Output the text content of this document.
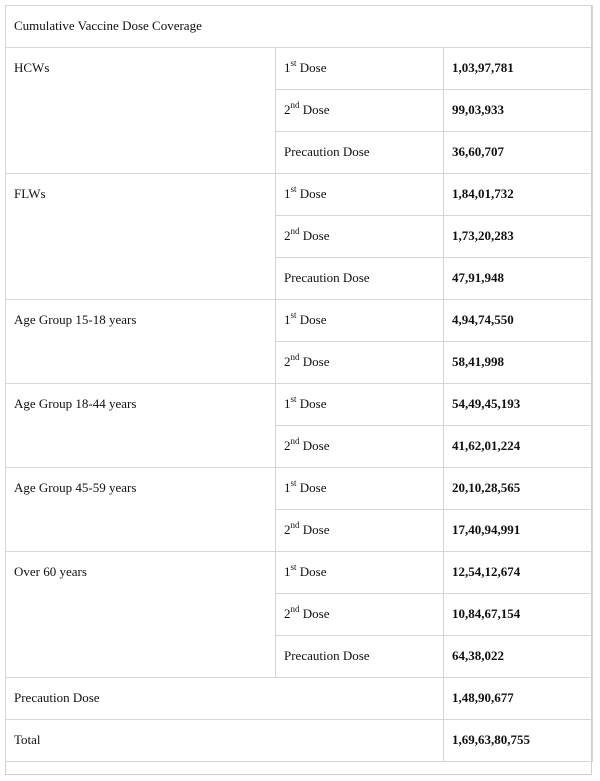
Cumulative Vaccine Dose Coverage		

HCWs	1st Dose	1,03,97,781

	2nd Dose	99,03,933

	Precaution Dose	36,60,707

FLWs	1st Dose	1,84,01,732

	2nd Dose	1,73,20,283

	Precaution Dose	47,91,948

Age Group 15-18 years	1st Dose	4,94,74,550

	2nd Dose	58,41,998

Age Group 18-44 years	1st Dose	54,49,45,193

	2nd Dose	41,62,01,224

Age Group 45-59 years	1st Dose	20,10,28,565

	2nd Dose	17,40,94,991

Over 60 years	1st Dose	12,54,12,674

	2nd Dose	10,84,67,154

	Precaution Dose	64,38,022

Precaution Dose		1,48,90,677

Total		1,69,63,80,755
